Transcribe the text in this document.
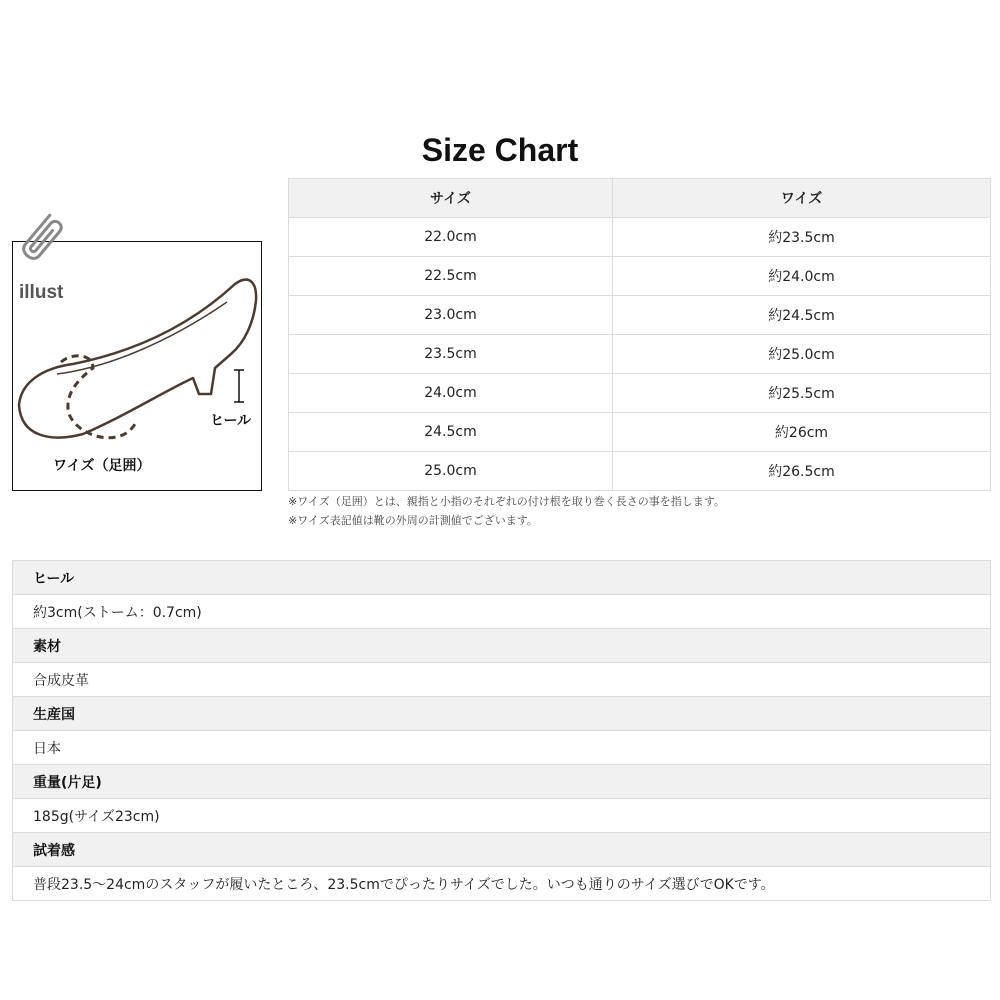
Size Chart
illust
ヒール
ワイズ（足囲）
サイズ	ワイズ
22.0cm	約23.5cm
22.5cm	約24.0cm
23.0cm	約24.5cm
23.5cm	約25.0cm
24.0cm	約25.5cm
24.5cm	約26cm
25.0cm	約26.5cm
※ワイズ（足囲）とは、親指と小指のそれぞれの付け根を取り巻く長さの事を指します。
※ワイズ表記値は靴の外周の計測値でございます。
ヒール
約3cm(ストーム：0.7cm)
素材
合成皮革
生産国
日本
重量(片足)
185g(サイズ23cm)
試着感
普段23.5～24cmのスタッフが履いたところ、23.5cmでぴったりサイズでした。いつも通りのサイズ選びでOKです。
